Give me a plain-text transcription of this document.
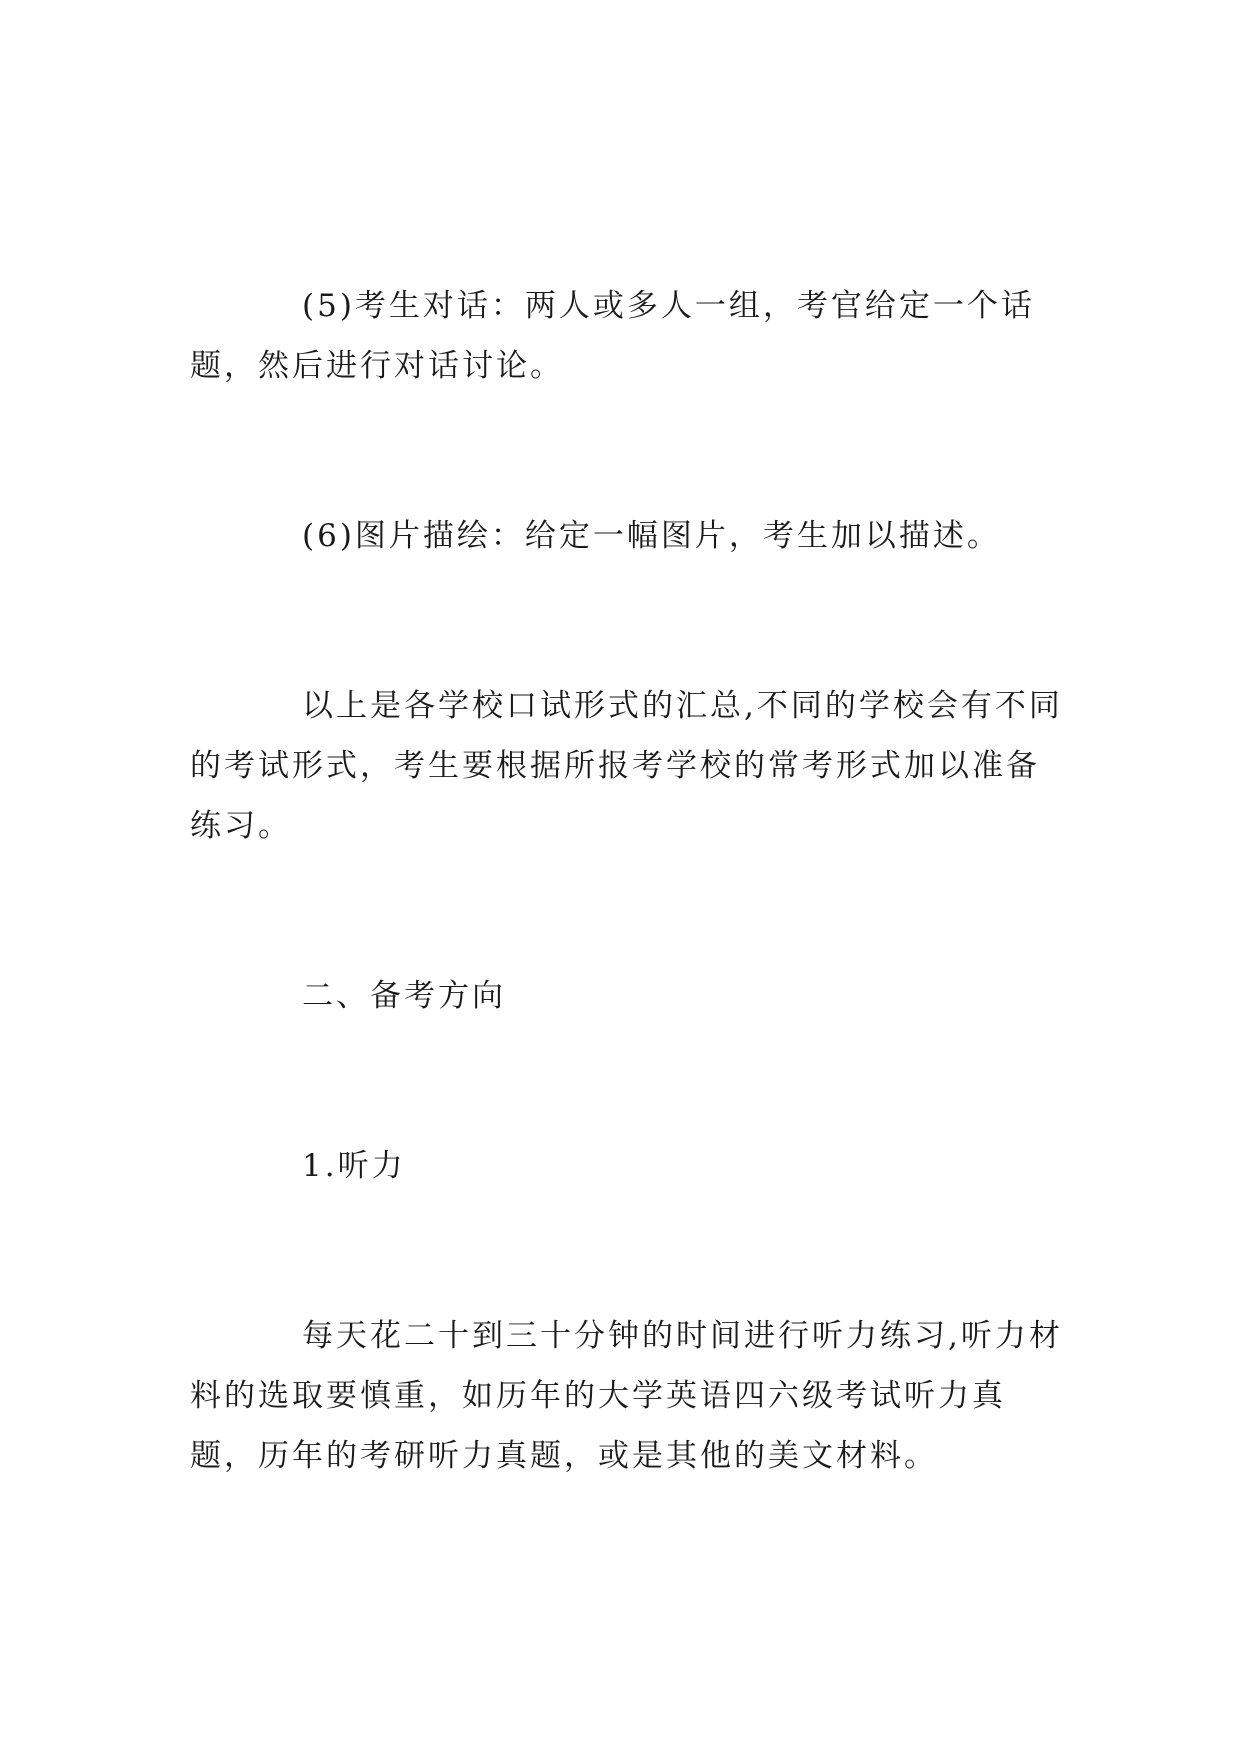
(5)考生对话：两人或多人一组，考官给定一个话题，然后进行对话讨论。

(6)图片描绘：给定一幅图片，考生加以描述。

以上是各学校口试形式的汇总,不同的学校会有不同的考试形式，考生要根据所报考学校的常考形式加以准备练习。

二、备考方向

1.听力

每天花二十到三十分钟的时间进行听力练习,听力材料的选取要慎重，如历年的大学英语四六级考试听力真题，历年的考研听力真题，或是其他的美文材料。
